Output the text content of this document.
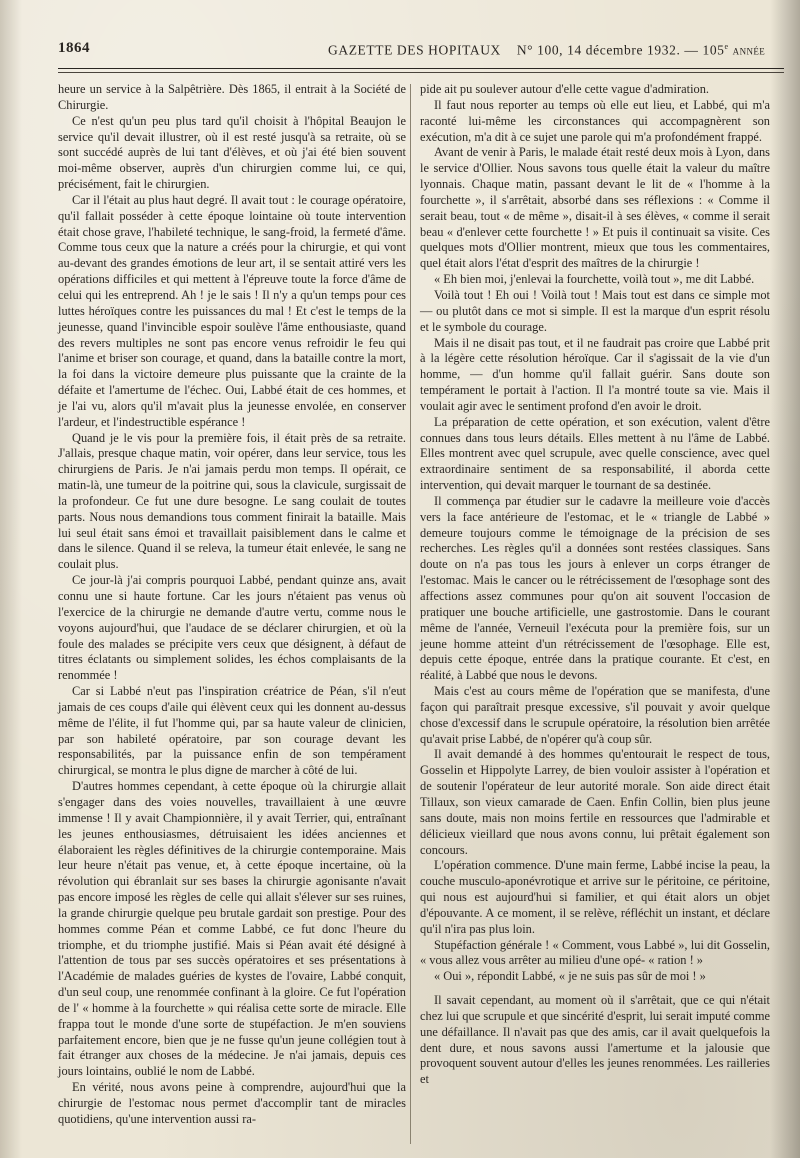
1864	GAZETTE DES HOPITAUX N° 100, 14 décembre 1932. — 105e ANNÉE

heure un service à la Salpêtrière. Dès 1865, il entrait à la Société de Chirurgie.

Ce n'est qu'un peu plus tard qu'il choisit à l'hôpital Beaujon le service qu'il devait illustrer, où il est resté jusqu'à sa retraite, où se sont succédé auprès de lui tant d'élèves, et où j'ai été bien souvent moi-même observer, auprès d'un chirurgien comme lui, ce qui, précisément, fait le chirurgien.

Car il l'était au plus haut degré. Il avait tout : le courage opératoire, qu'il fallait posséder à cette époque lointaine où toute intervention était chose grave, l'habileté technique, le sang-froid, la fermeté d'âme. Comme tous ceux que la nature a créés pour la chirurgie, et qui vont au-devant des grandes émotions de leur art, il se sentait attiré vers les opérations difficiles et qui mettent à l'épreuve toute la force d'âme de celui qui les entreprend. Ah ! je le sais ! Il n'y a qu'un temps pour ces luttes héroïques contre les puissances du mal ! Et c'est le temps de la jeunesse, quand l'invincible espoir soulève l'âme enthousiaste, quand des revers multiples ne sont pas encore venus refroidir le feu qui l'anime et briser son courage, et quand, dans la bataille contre la mort, la foi dans la victoire demeure plus puissante que la crainte de la défaite et l'amertume de l'échec. Oui, Labbé était de ces hommes, et je l'ai vu, alors qu'il m'avait plus la jeunesse envolée, en conserver l'ardeur, et l'indestructible espérance !

Quand je le vis pour la première fois, il était près de sa retraite. J'allais, presque chaque matin, voir opérer, dans leur service, tous les chirurgiens de Paris. Je n'ai jamais perdu mon temps. Il opérait, ce matin-là, une tumeur de la poitrine qui, sous la clavicule, surgissait de la profondeur. Ce fut une dure besogne. Le sang coulait de toutes parts. Nous nous demandions tous comment finirait la bataille. Mais lui seul était sans émoi et travaillait paisiblement dans le calme et dans le silence. Quand il se releva, la tumeur était enlevée, le sang ne coulait plus.

Ce jour-là j'ai compris pourquoi Labbé, pendant quinze ans, avait connu une si haute fortune. Car les jours n'étaient pas venus où l'exercice de la chirurgie ne demande d'autre vertu, comme nous le voyons aujourd'hui, que l'audace de se déclarer chirurgien, et où la foule des malades se précipite vers ceux que désignent, à défaut de titres éclatants ou simplement solides, les échos complaisants de la renommée !

Car si Labbé n'eut pas l'inspiration créatrice de Péan, s'il n'eut jamais de ces coups d'aile qui élèvent ceux qui les donnent au-dessus même de l'élite, il fut l'homme qui, par sa haute valeur de clinicien, par son habileté opératoire, par son courage devant les responsabilités, par la puissance enfin de son tempérament chirurgical, se montra le plus digne de marcher à côté de lui.

D'autres hommes cependant, à cette époque où la chirurgie allait s'engager dans des voies nouvelles, travaillaient à une œuvre immense ! Il y avait Championnière, il y avait Terrier, qui, entraînant les jeunes enthousiasmes, détruisaient les idées anciennes et élaboraient les règles définitives de la chirurgie contemporaine. Mais leur heure n'était pas venue, et, à cette époque incertaine, où la révolution qui ébranlait sur ses bases la chirurgie agonisante n'avait pas encore imposé les règles de celle qui allait s'élever sur ses ruines, la grande chirurgie quelque peu brutale gardait son prestige. Pour des hommes comme Péan et comme Labbé, ce fut donc l'heure du triomphe, et du triomphe justifié. Mais si Péan avait été désigné à l'attention de tous par ses succès opératoires et ses présentations à l'Académie de malades guéries de kystes de l'ovaire, Labbé conquit, d'un seul coup, une renommée confinant à la gloire. Ce fut l'opération de l' « homme à la fourchette » qui réalisa cette sorte de miracle. Elle frappa tout le monde d'une sorte de stupéfaction. Je m'en souviens parfaitement encore, bien que je ne fusse qu'un jeune collégien tout à fait étranger aux choses de la médecine. Je n'ai jamais, depuis ces jours lointains, oublié le nom de Labbé.

En vérité, nous avons peine à comprendre, aujourd'hui que la chirurgie de l'estomac nous permet d'accomplir tant de miracles quotidiens, qu'une intervention aussi ra-

pide ait pu soulever autour d'elle cette vague d'admiration.

Il faut nous reporter au temps où elle eut lieu, et Labbé, qui m'a raconté lui-même les circonstances qui accompagnèrent son exécution, m'a dit à ce sujet une parole qui m'a profondément frappé.

Avant de venir à Paris, le malade était resté deux mois à Lyon, dans le service d'Ollier. Nous savons tous quelle était la valeur du maître lyonnais. Chaque matin, passant devant le lit de « l'homme à la fourchette », il s'arrêtait, absorbé dans ses réflexions : « Comme il serait beau, tout « de même », disait-il à ses élèves, « comme il serait beau « d'enlever cette fourchette ! » Et puis il continuait sa visite. Ces quelques mots d'Ollier montrent, mieux que tous les commentaires, quel était alors l'état d'esprit des maîtres de la chirurgie !

« Eh bien moi, j'enlevai la fourchette, voilà tout », me dit Labbé.

Voilà tout ! Eh oui ! Voilà tout ! Mais tout est dans ce simple mot — ou plutôt dans ce mot si simple. Il est la marque d'un esprit résolu et le symbole du courage.

Mais il ne disait pas tout, et il ne faudrait pas croire que Labbé prit à la légère cette résolution héroïque. Car il s'agissait de la vie d'un homme, — d'un homme qu'il fallait guérir. Sans doute son tempérament le portait à l'action. Il l'a montré toute sa vie. Mais il voulait agir avec le sentiment profond d'en avoir le droit.

La préparation de cette opération, et son exécution, valent d'être connues dans tous leurs détails. Elles mettent à nu l'âme de Labbé. Elles montrent avec quel scrupule, avec quelle conscience, avec quel extraordinaire sentiment de sa responsabilité, il aborda cette intervention, qui devait marquer le tournant de sa destinée.

Il commença par étudier sur le cadavre la meilleure voie d'accès vers la face antérieure de l'estomac, et le « triangle de Labbé » demeure toujours comme le témoignage de la précision de ses recherches. Les règles qu'il a données sont restées classiques. Sans doute on n'a pas tous les jours à enlever un corps étranger de l'estomac. Mais le cancer ou le rétrécissement de l'œsophage sont des affections assez communes pour qu'on ait souvent l'occasion de pratiquer une bouche artificielle, une gastrostomie. Dans le courant même de l'année, Verneuil l'exécuta pour la première fois, sur un jeune homme atteint d'un rétrécissement de l'œsophage. Elle est, depuis cette époque, entrée dans la pratique courante. Et c'est, en réalité, à Labbé que nous le devons.

Mais c'est au cours même de l'opération que se manifesta, d'une façon qui paraîtrait presque excessive, s'il pouvait y avoir quelque chose d'excessif dans le scrupule opératoire, la résolution bien arrêtée qu'avait prise Labbé, de n'opérer qu'à coup sûr.

Il avait demandé à des hommes qu'entourait le respect de tous, Gosselin et Hippolyte Larrey, de bien vouloir assister à l'opération et de soutenir l'opérateur de leur autorité morale. Son aide direct était Tillaux, son vieux camarade de Caen. Enfin Collin, bien plus jeune sans doute, mais non moins fertile en ressources que l'admirable et délicieux vieillard que nous avons connu, lui prêtait également son concours.

L'opération commence. D'une main ferme, Labbé incise la peau, la couche musculo-aponévrotique et arrive sur le péritoine, ce péritoine, qui nous est aujourd'hui si familier, et qui était alors un objet d'épouvante. A ce moment, il se relève, réfléchit un instant, et déclare qu'il n'ira pas plus loin.

Stupéfaction générale ! « Comment, vous Labbé », lui dit Gosselin, « vous allez vous arrêter au milieu d'une opé- « ration ! »

« Oui », répondit Labbé, « je ne suis pas sûr de moi ! »

Il savait cependant, au moment où il s'arrêtait, que ce qui n'était chez lui que scrupule et que sincérité d'esprit, lui serait imputé comme une défaillance. Il n'avait pas que des amis, car il avait quelquefois la dent dure, et nous savons aussi l'amertume et la jalousie que provoquent souvent autour d'elles les jeunes renommées. Les railleries et
